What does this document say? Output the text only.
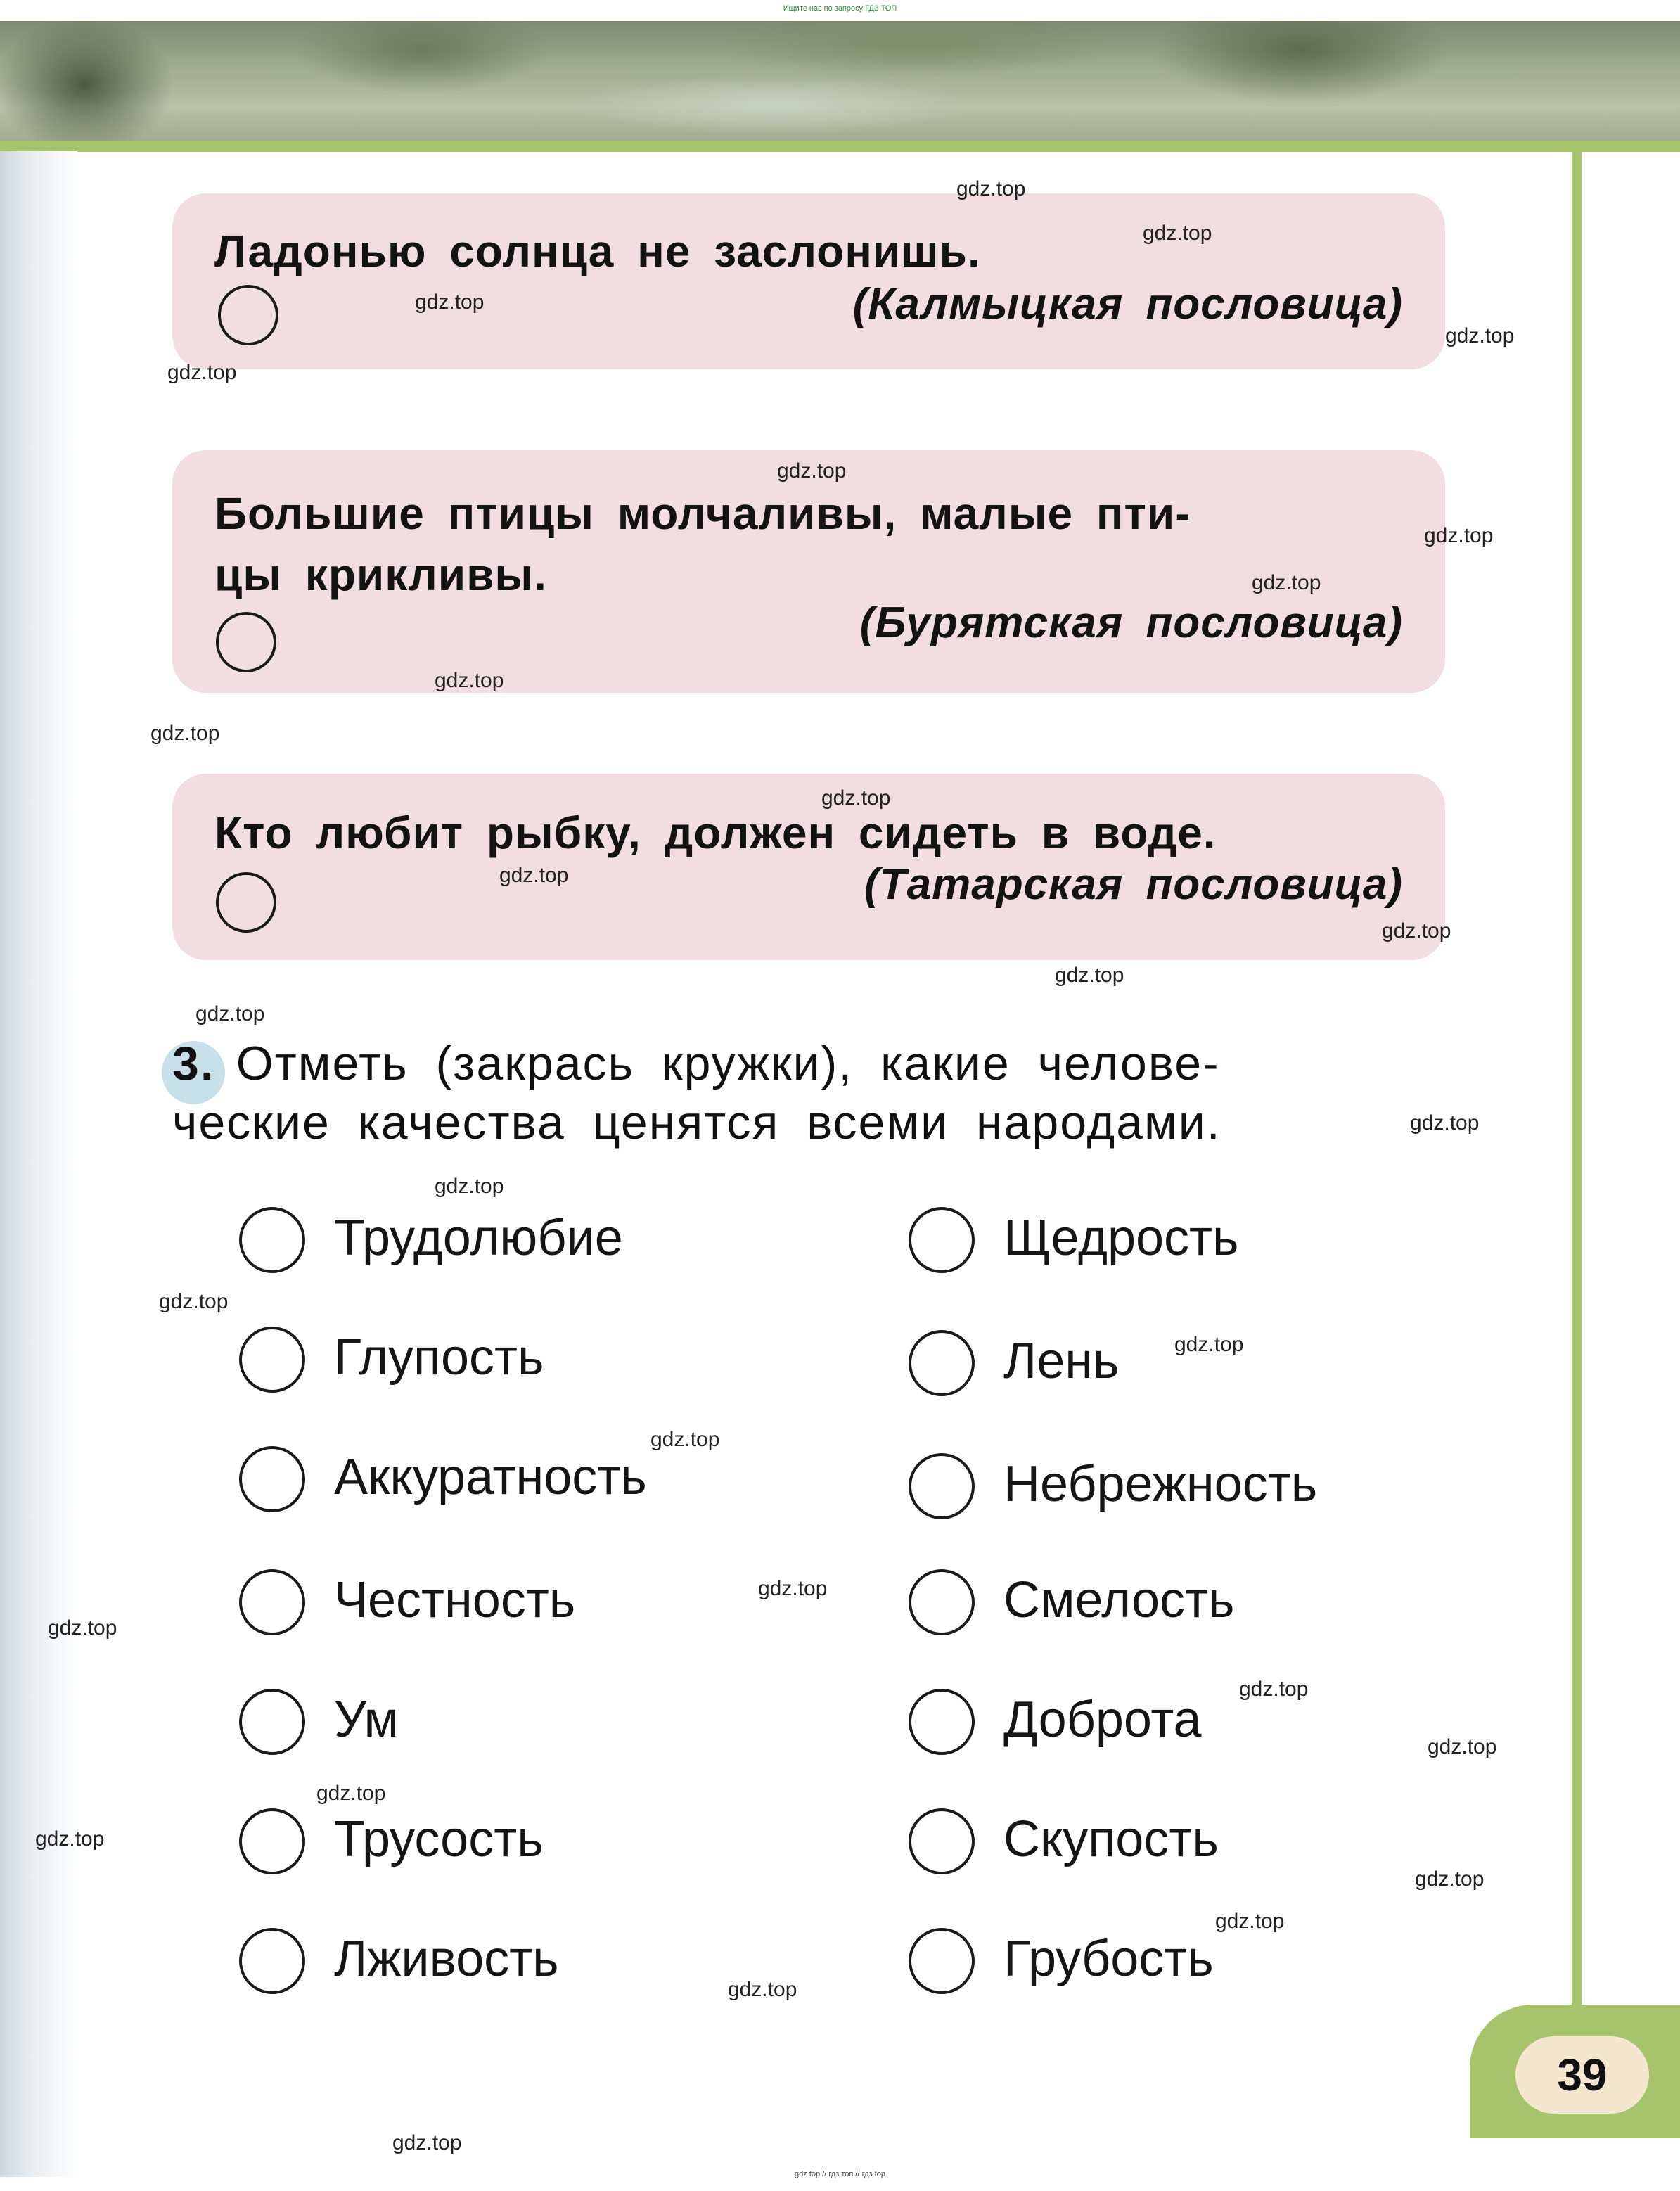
Ищите нас по запросу ГДЗ ТОП
Ладонью солнца не заслонишь.
(Калмыцкая пословица)
Большие птицы молчаливы, малые пти-
цы крикливы.
(Бурятская пословица)
Кто любит рыбку, должен сидеть в воде.
(Татарская пословица)
3. Отметь (закрась кружки), какие челове-
ческие качества ценятся всеми народами.
Трудолюбие
Глупость
Аккуратность
Честность
Ум
Трусость
Лживость
Щедрость
Лень
Небрежность
Смелость
Доброта
Скупость
Грубость
39
gdz.top
gdz.top
gdz.top
gdz.top
gdz.top
gdz.top
gdz.top
gdz.top
gdz.top
gdz.top
gdz.top
gdz.top
gdz.top
gdz.top
gdz.top
gdz.top
gdz.top
gdz.top
gdz.top
gdz.top
gdz.top
gdz.top
gdz.top
gdz.top
gdz.top
gdz.top
gdz.top
gdz.top
gdz.top
gdz.top
gdz top // гдз топ // гдз.top
